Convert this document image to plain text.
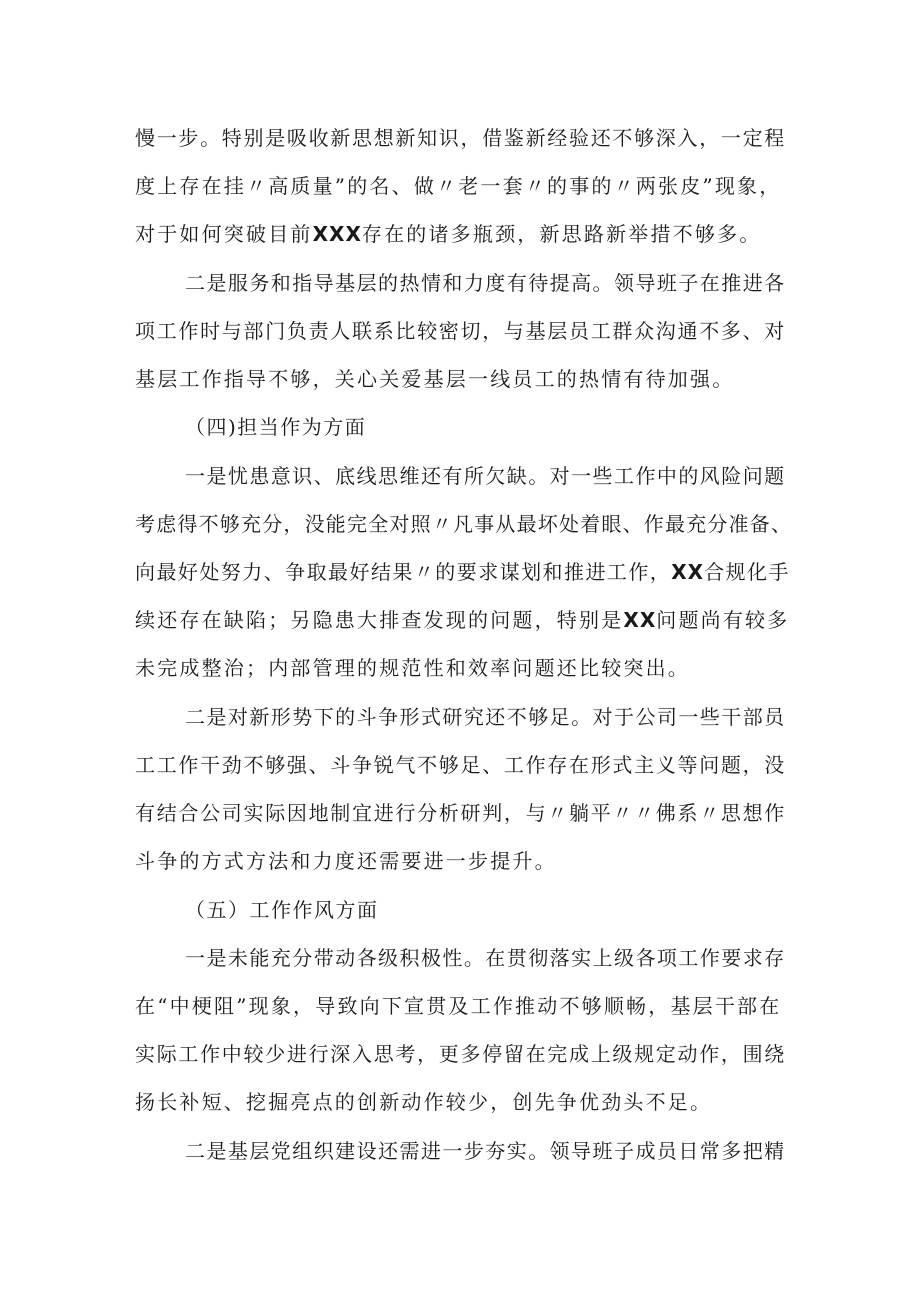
慢一步。特别是吸收新思想新知识，借鉴新经验还不够深入，一定程
度上存在挂〃高质量”的名、做〃老一套〃的事的〃两张皮”现象，
对于如何突破目前XXX存在的诸多瓶颈，新思路新举措不够多。
二是服务和指导基层的热情和力度有待提高。领导班子在推进各
项工作时与部门负责人联系比较密切，与基层员工群众沟通不多、对
基层工作指导不够，关心关爱基层一线员工的热情有待加强。
（四)担当作为方面
一是忧患意识、底线思维还有所欠缺。对一些工作中的风险问题
考虑得不够充分，没能完全对照〃凡事从最坏处着眼、作最充分准备、
向最好处努力、争取最好结果〃的要求谋划和推进工作，XX合规化手
续还存在缺陷；另隐患大排查发现的问题，特别是XX问题尚有较多
未完成整治；内部管理的规范性和效率问题还比较突出。
二是对新形势下的斗争形式研究还不够足。对于公司一些干部员
工工作干劲不够强、斗争锐气不够足、工作存在形式主义等问题，没
有结合公司实际因地制宜进行分析研判，与〃躺平〃〃佛系〃思想作
斗争的方式方法和力度还需要进一步提升。
（五）工作作风方面
一是未能充分带动各级积极性。在贯彻落实上级各项工作要求存
在“中梗阻”现象，导致向下宣贯及工作推动不够顺畅，基层干部在
实际工作中较少进行深入思考，更多停留在完成上级规定动作，围绕
扬长补短、挖掘亮点的创新动作较少，创先争优劲头不足。
二是基层党组织建设还需进一步夯实。领导班子成员日常多把精
